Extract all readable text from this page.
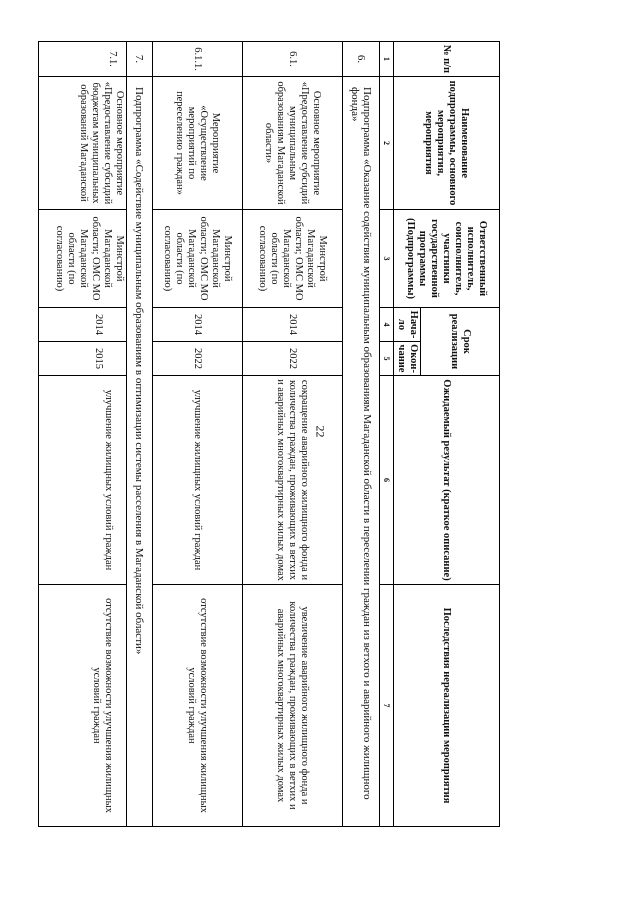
22
№ п/п	Наименование подпрограммы, основного мероприятия, мероприятия	Ответственный исполнитель, соисполнитель, участники государственной программы (Подпрограммы)	Срок реализации		Ожидаемый результат (краткое описание)	Последствия нереализации мероприятия
			Нача-ло	Окон-чание		
1	2	3	4	5	6	7
6.	Подпрограмма «Оказание содействия муниципальным образованиям Магаданской области в переселении граждан из ветхого и аварийного жилищного фонда»					
6.1.	Основное мероприятие «Предоставление субсидий муниципальным образованиям Магаданской области»	Минстрой Магаданской области; ОМС МО Магаданской области (по согласованию)	2014	2022	сокращение аварийного жилищного фонда и количества граждан, проживающих в ветхих и аварийных многоквартирных жилых домах	увеличение аварийного жилищного фонда и количества граждан, проживающих в ветхих и аварийных многоквартирных жилых домах
6.1.1.	Мероприятие «Осуществление мероприятий по переселению граждан»	Минстрой Магаданской области; ОМС МО Магаданской области (по согласованию)	2014	2022	улучшение жилищных условий граждан	отсутствие возможности улучшения жилищных условий граждан
7.	Подпрограмма «Содействие муниципальным образованиям в оптимизации системы расселения в Магаданской области»					
7.1.	Основное мероприятие «Предоставление субсидий бюджетам муниципальных образований Магаданской	Минстрой Магаданской области; ОМС МО Магаданской области (по согласованию)	2014	2015	улучшение жилищных условий граждан	отсутствие возможности улучшения жилищных условий граждан
